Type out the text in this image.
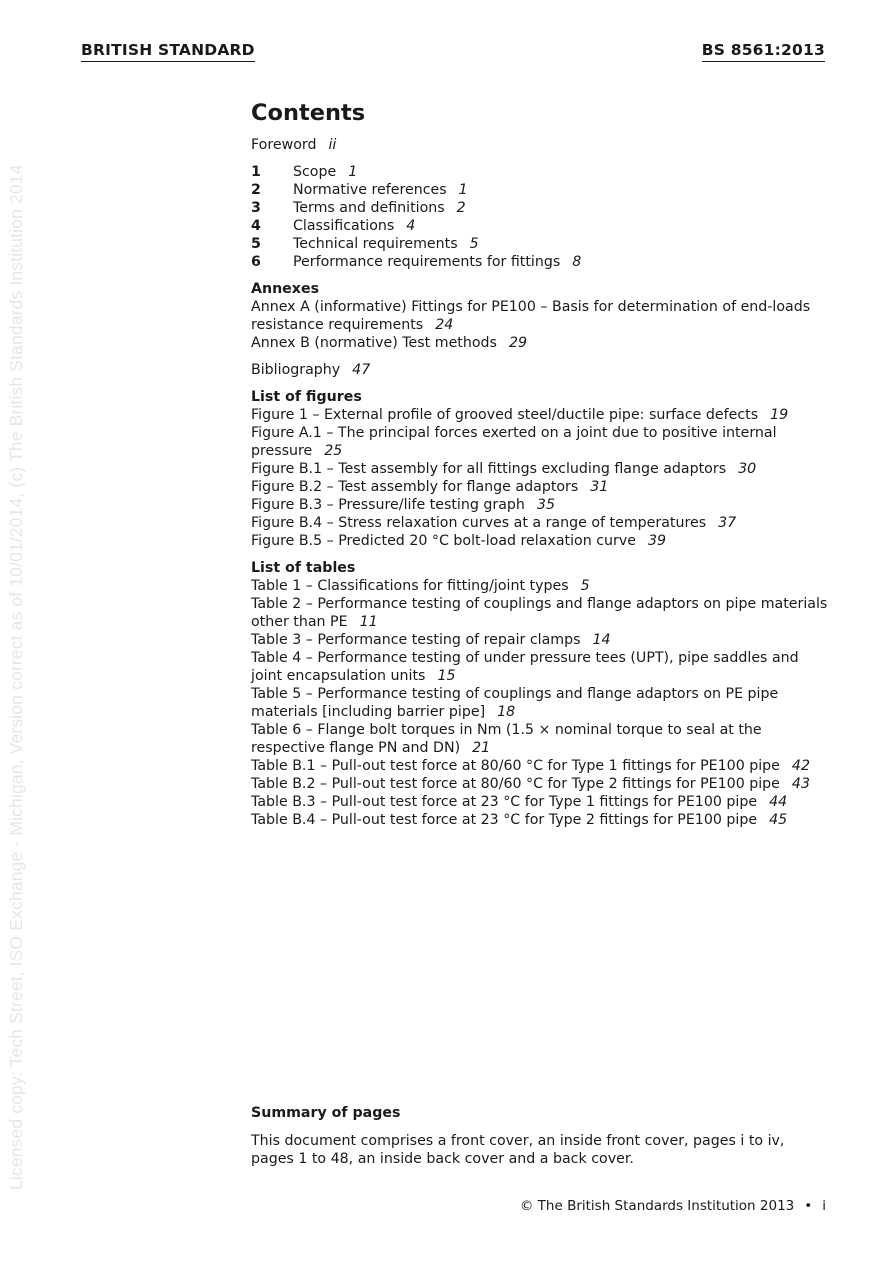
BRITISH STANDARD	BS 8561:2013
Licensed copy: Tech Street, ISO Exchange - Michigan, Version correct as of 10/01/2014, (c) The British Standards Institution 2014
Contents
Foreword ii
1 Scope 1
2 Normative references 1
3 Terms and definitions 2
4 Classifications 4
5 Technical requirements 5
6 Performance requirements for fittings 8
Annexes
Annex A (informative) Fittings for PE100 – Basis for determination of end-loads resistance requirements 24
Annex B (normative) Test methods 29
Bibliography 47
List of figures
Figure 1 – External profile of grooved steel/ductile pipe: surface defects 19
Figure A.1 – The principal forces exerted on a joint due to positive internal pressure 25
Figure B.1 – Test assembly for all fittings excluding flange adaptors 30
Figure B.2 – Test assembly for flange adaptors 31
Figure B.3 – Pressure/life testing graph 35
Figure B.4 – Stress relaxation curves at a range of temperatures 37
Figure B.5 – Predicted 20 °C bolt-load relaxation curve 39
List of tables
Table 1 – Classifications for fitting/joint types 5
Table 2 – Performance testing of couplings and flange adaptors on pipe materials other than PE 11
Table 3 – Performance testing of repair clamps 14
Table 4 – Performance testing of under pressure tees (UPT), pipe saddles and joint encapsulation units 15
Table 5 – Performance testing of couplings and flange adaptors on PE pipe materials [including barrier pipe] 18
Table 6 – Flange bolt torques in Nm (1.5 × nominal torque to seal at the respective flange PN and DN) 21
Table B.1 – Pull-out test force at 80/60 °C for Type 1 fittings for PE100 pipe 42
Table B.2 – Pull-out test force at 80/60 °C for Type 2 fittings for PE100 pipe 43
Table B.3 – Pull-out test force at 23 °C for Type 1 fittings for PE100 pipe 44
Table B.4 – Pull-out test force at 23 °C for Type 2 fittings for PE100 pipe 45
Summary of pages
This document comprises a front cover, an inside front cover, pages i to iv, pages 1 to 48, an inside back cover and a back cover.
© The British Standards Institution 2013 • i
